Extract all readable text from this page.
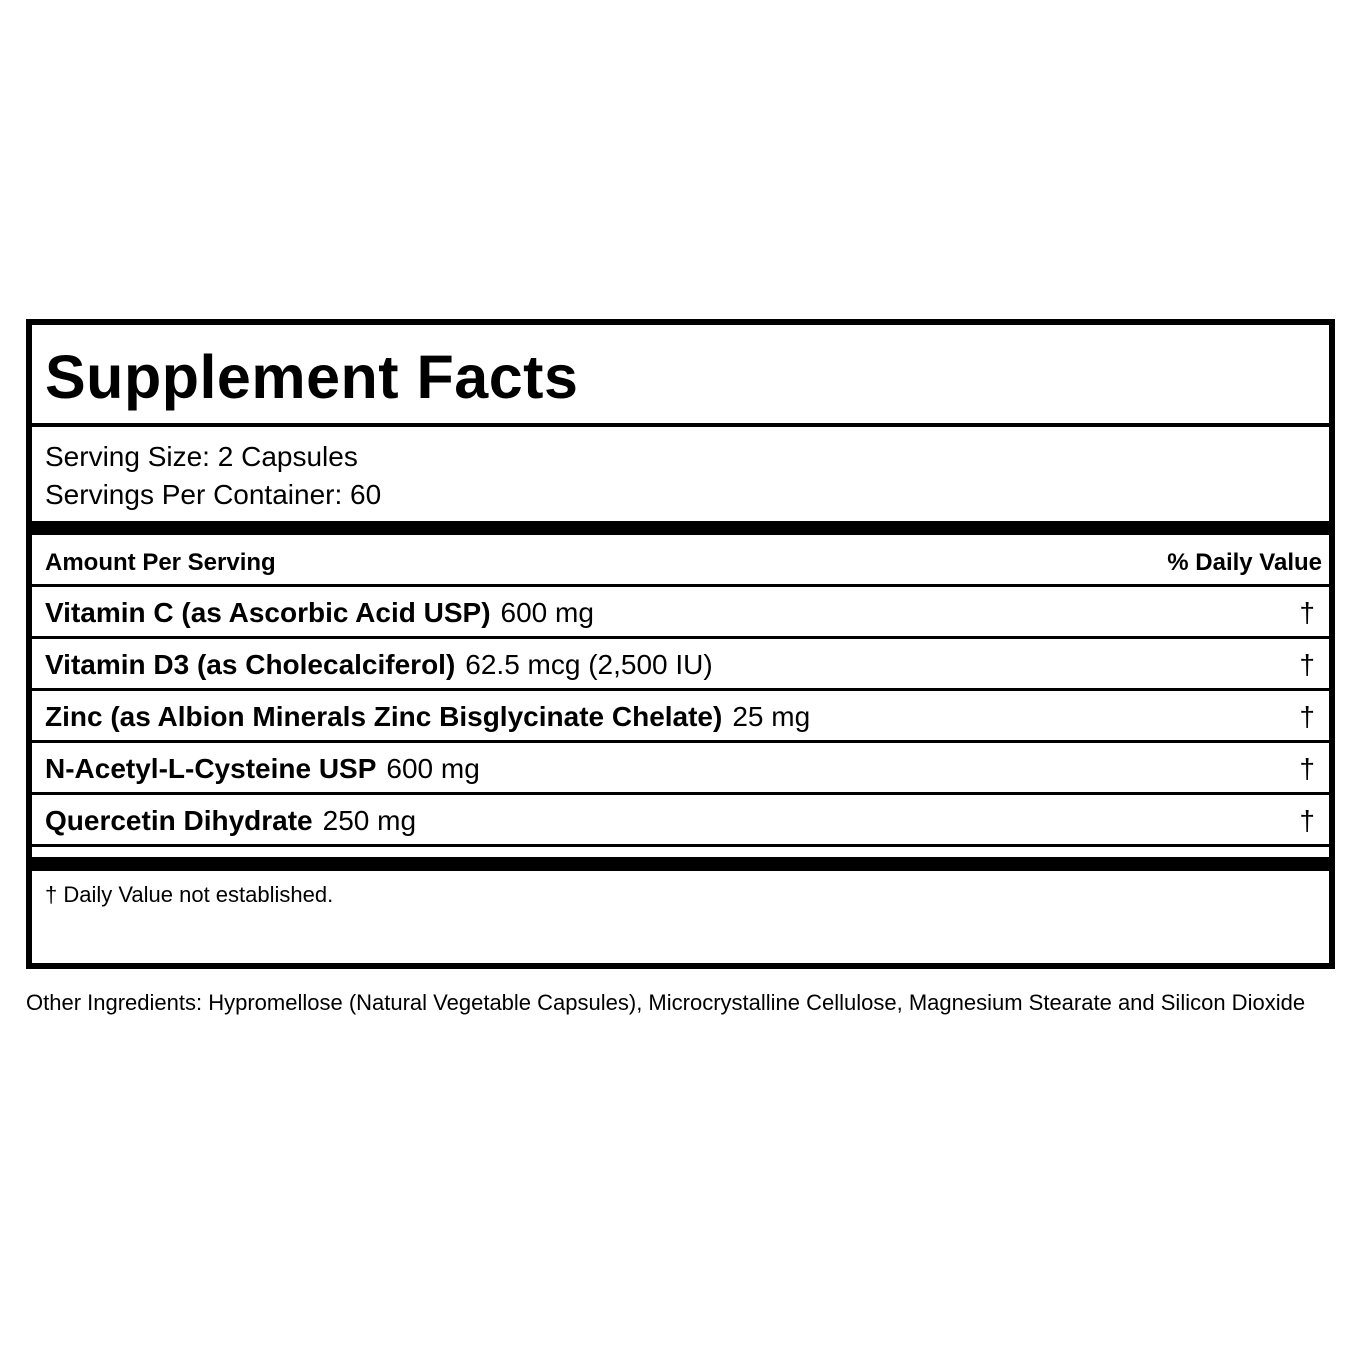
Supplement Facts
Serving Size: 2 Capsules
Servings Per Container: 60
Amount Per Serving	% Daily Value
Vitamin C (as Ascorbic Acid USP) 600 mg	†
Vitamin D3 (as Cholecalciferol) 62.5 mcg (2,500 IU)	†
Zinc (as Albion Minerals Zinc Bisglycinate Chelate) 25 mg	†
N-Acetyl-L-Cysteine USP 600 mg	†
Quercetin Dihydrate 250 mg	†
† Daily Value not established.
Other Ingredients: Hypromellose (Natural Vegetable Capsules), Microcrystalline Cellulose, Magnesium Stearate and Silicon Dioxide
